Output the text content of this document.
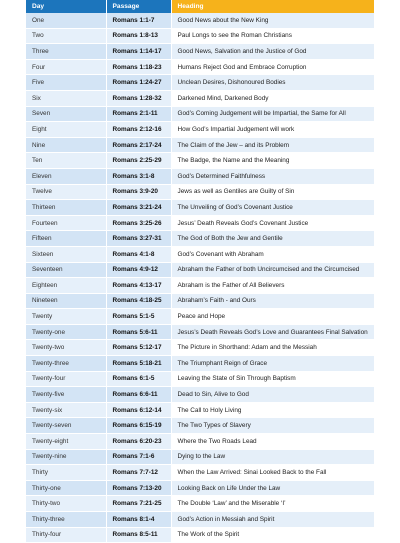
Day	Passage	Heading
One	Romans 1:1-7	Good News about the New King
Two	Romans 1:8-13	Paul Longs to see the Roman Christians
Three	Romans 1:14-17	Good News, Salvation and the Justice of God
Four	Romans 1:18-23	Humans Reject God and Embrace Corruption
Five	Romans 1:24-27	Unclean Desires, Dishonoured Bodies
Six	Romans 1:28-32	Darkened Mind, Darkened Body
Seven	Romans 2:1-11	God’s Coming Judgement will be Impartial, the Same for All
Eight	Romans 2:12-16	How God’s Impartial Judgement will work
Nine	Romans 2:17-24	The Claim of the Jew – and its Problem
Ten	Romans 2:25-29	The Badge, the Name and the Meaning
Eleven	Romans 3:1-8	God’s Determined Faithfulness
Twelve	Romans 3:9-20	Jews as well as Gentiles are Guilty of Sin
Thirteen	Romans 3:21-24	The Unveiling of God’s Covenant Justice
Fourteen	Romans 3:25-26	Jesus’ Death Reveals God’s Covenant Justice
Fifteen	Romans 3:27-31	The God of Both the Jew and Gentile
Sixteen	Romans 4:1-8	God’s Covenant with Abraham
Seventeen	Romans 4:9-12	Abraham the Father of both Uncircumcised and the Circumcised
Eighteen	Romans 4:13-17	Abraham is the Father of All Believers
Nineteen	Romans 4:18-25	Abraham’s Faith - and Ours
Twenty	Romans 5:1-5	Peace and Hope
Twenty-one	Romans 5:6-11	Jesus’s Death Reveals God’s Love and Guarantees Final Salvation
Twenty-two	Romans 5:12-17	The Picture in Shorthand: Adam and the Messiah
Twenty-three	Romans 5:18-21	The Triumphant Reign of Grace
Twenty-four	Romans 6:1-5	Leaving the State of Sin Through Baptism
Twenty-five	Romans 6:6-11	Dead to Sin, Alive to God
Twenty-six	Romans 6:12-14	The Call to Holy Living
Twenty-seven	Romans 6:15-19	The Two Types of Slavery
Twenty-eight	Romans 6:20-23	Where the Two Roads Lead
Twenty-nine	Romans 7:1-6	Dying to the Law
Thirty	Romans 7:7-12	When the Law Arrived: Sinai Looked Back to the Fall
Thirty-one	Romans 7:13-20	Looking Back on Life Under the Law
Thirty-two	Romans 7:21-25	The Double ‘Law’ and the Miserable ‘I’
Thirty-three	Romans 8:1-4	God’s Action in Messiah and Spirit
Thirty-four	Romans 8:5-11	The Work of the Spirit
